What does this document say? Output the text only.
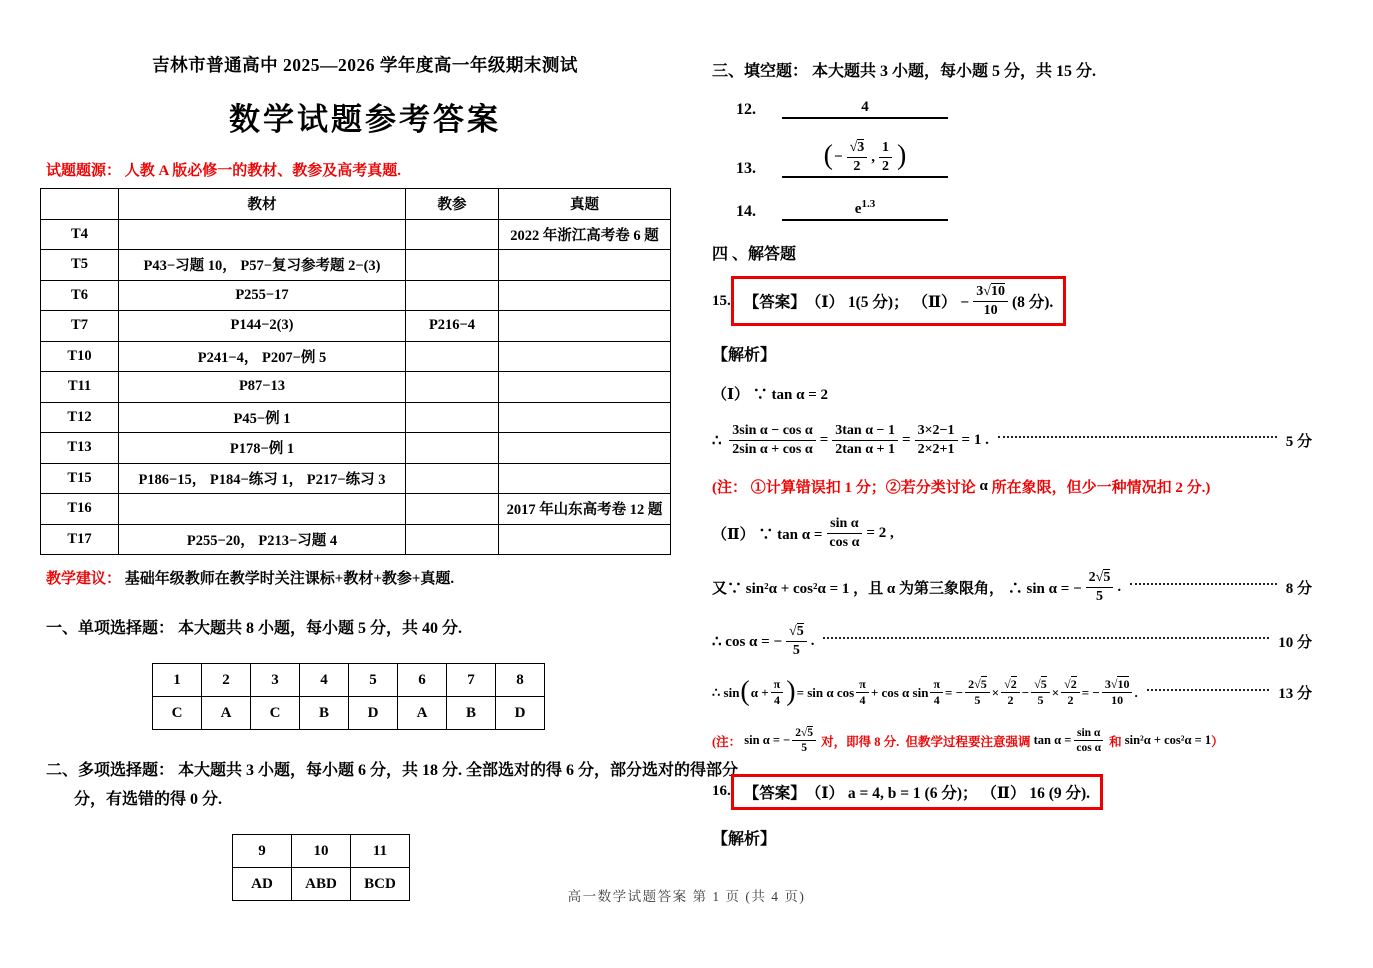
吉林市普通高中 2025—2026 学年度高一年级期末测试

数学试题参考答案

试题题源： 人教 A 版必修一的教材、教参及高考真题.

	教材	教参	真题
T4			2022 年浙江高考卷 6 题
T5	P43−习题 10， P57−复习参考题 2−(3)		
T6	P255−17		
T7	P144−2(3)	P216−4	
T10	P241−4， P207−例 5		
T11	P87−13		
T12	P45−例 1		
T13	P178−例 1		
T15	P186−15， P184−练习 1， P217−练习 3		
T16			2017 年山东高考卷 12 题
T17	P255−20， P213−习题 4		

教学建议： 基础年级教师在教学时关注课标+教材+教参+真题.

一、单项选择题： 本大题共 8 小题，每小题 5 分，共 40 分.

1	2	3	4	5	6	7	8
C	A	C	B	D	A	B	D

二、多项选择题： 本大题共 3 小题，每小题 6 分，共 18 分. 全部选对的得 6 分，部分选对的得部分

分，有选错的得 0 分.

9	10	11
AD	ABD	BCD

三、填空题： 本大题共 3 小题，每小题 5 分，共 15 分.

12.	4
13.	( − $\frac{√3}{2}$ , $\frac{1}{2}$ )
14.	$e^{1.3}$

四 、解答题

15. 【答案】 （Ⅰ） 1(5 分)； （Ⅱ） − $\frac{3√10}{10} (8$ 分).

【解析】

（Ⅰ） ∵ tan α = 2
∴ $\frac{\text{3sin α − cos α}}{\text{2sin α + cos α}} = \frac{\text{3tan α − 1}}{\text{2tan α + 1}} = \frac{3\times 2-1}{2\times 2+1} = 1$ .	5 分
(注： ①计算错误扣 1 分；②若分类讨论 α 所在象限，但少一种情况扣 2 分.)
（Ⅱ） ∵ $\tan \alpha = \frac{\text{sin α}}{\text{cos α}} = 2$ ,
又∵ sin²α + cos²α = 1 ，且 α 为第三象限角， ∴ sin α = − $\frac{2√5}{5}$ .	8 分
∴ cos α = − $\frac{√5}{5}$ .	10 分
∴ sin ( $\alpha + \frac{\pi}{4}$ ) = sin α $\cos \frac{\pi}{4} + \cos \alpha$ $\sin \frac{\pi}{4}$ = − $\frac{2√5}{5} \times \frac{√2}{2} - \frac{√5}{5} \times \frac{√2}{2}$ = − $\frac{3√10}{10}$ .	13 分
(注： sin α = − $\frac{2√5}{5}$ 对，即得 8 分.  但教学过程要注意强调 $\tan \alpha = \frac{\text{sin α}}{\text{cos α}}$ 和 sin²α + cos²α = 1 ）
16. 【答案】 （Ⅰ） a = 4, b = 1 (6 分)； （Ⅱ） 16 (9 分).

【解析】

高一数学试题答案 第 1 页 (共 4 页)
